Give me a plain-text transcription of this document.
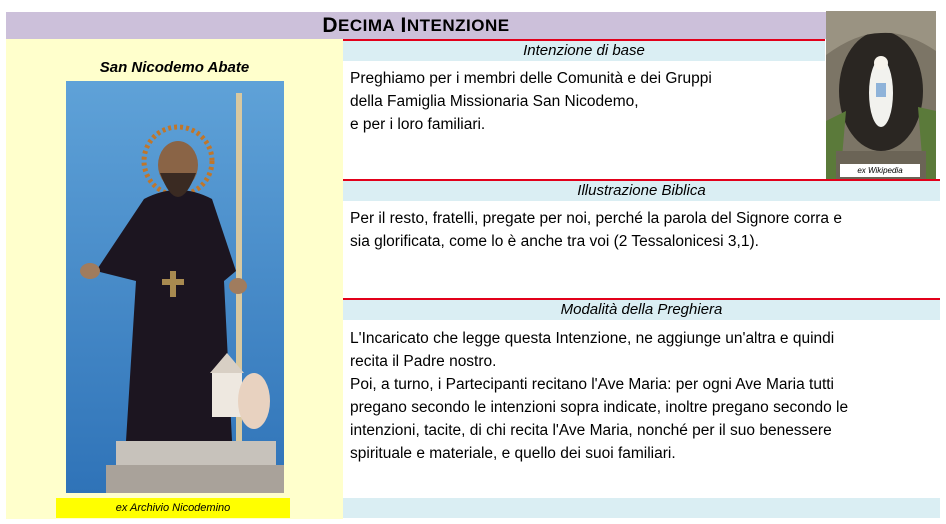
D ECIMA
I NTENZIONE
San Nicodemo Abate
ex Archivio Nicodemino
ex Wikipedia
Intenzione di base
Preghiamo per i membri delle Comunità e dei Gruppi
della Famiglia Missionaria San Nicodemo,
e per i loro familiari.
Illustrazione Biblica
Per il resto, fratelli, pregate per noi, perché la parola del Signore corra e
sia glorificata, come lo è anche tra voi (2 Tessalonicesi 3,1).
Modalità della Preghiera
L'Incaricato che legge questa Intenzione, ne aggiunge un'altra e quindi
recita il Padre nostro.
Poi, a turno, i Partecipanti recitano l'Ave Maria: per ogni Ave Maria tutti
pregano secondo le intenzioni sopra indicate, inoltre pregano secondo le
intenzioni, tacite, di chi recita l'Ave Maria, nonché per il suo benessere
spirituale e materiale, e quello dei suoi familiari.
